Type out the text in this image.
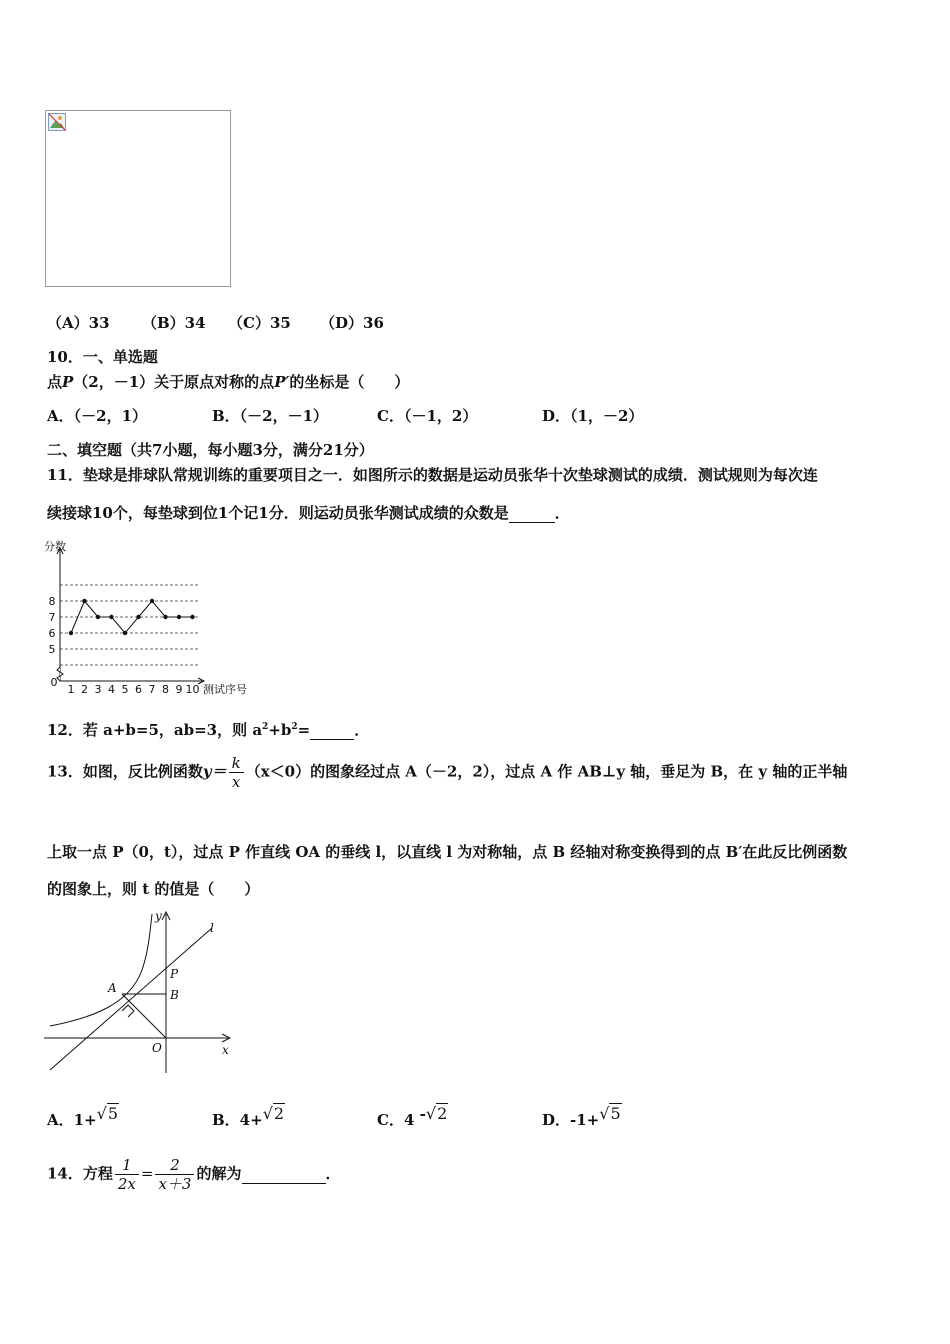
（A）33 （B）34 （C）35 （D）36
10．一、单选题
点P（2，－1）关于原点对称的点P′的坐标是（　　）
A．（－2，1）	B．（－2，－1）	C．（－1，2）	D．（1，－2）
二、填空题（共7小题，每小题3分，满分21分）
11．垫球是排球队常规训练的重要项目之一．如图所示的数据是运动员张华十次垫球测试的成绩．测试规则为每次连
续接球10个，每垫球到位1个记1分．则运动员张华测试成绩的众数是	．
分数
0
5
6
7
8
1 2 3 4 5 6 7 8 9 10 测试序号
12．若 a+b=5，ab=3，则 $a^2+b^2=$	．
13．如图，反比例函数$y= \frac{k}{x} (x<0)$的图象经过点 A（－2，2），过点 A 作 AB⊥y 轴，垂足为 B，在 y 轴的正半轴
上取一点 P（0，t），过点 P 作直线 OA 的垂线 l，以直线 l 为对称轴，点 B 经轴对称变换得到的点 B′在此反比例函数
的图象上，则 t 的值是（　　）
y
l
P
A	B
O	x
A．1+√5	B．4+√2	C．4 -√2	D．-1+√5
14．方程 $\frac{1}{2x} = \frac{2}{x+3}$ 的解为	．
